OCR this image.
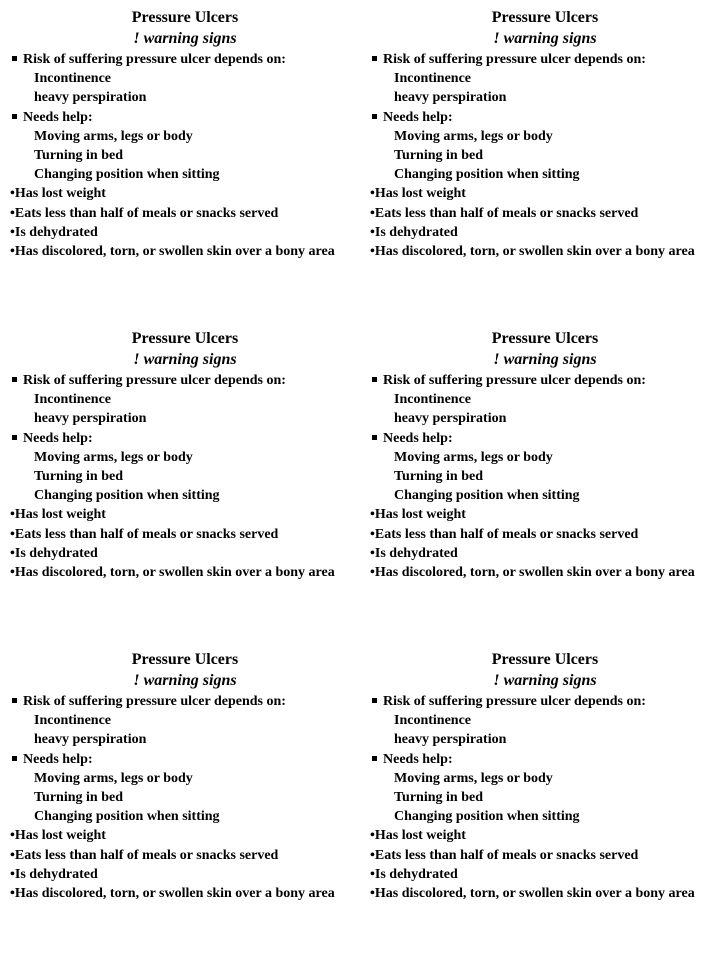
Pressure Ulcers
! warning signs
Risk of suffering pressure ulcer depends on:
Incontinence
heavy perspiration
Needs help:
Moving arms, legs or body
Turning in bed
Changing position when sitting
•Has lost weight
•Eats less than half of meals or snacks served
•Is dehydrated
•Has discolored, torn, or swollen skin over a bony area
Pressure Ulcers
! warning signs
Risk of suffering pressure ulcer depends on:
Incontinence
heavy perspiration
Needs help:
Moving arms, legs or body
Turning in bed
Changing position when sitting
•Has lost weight
•Eats less than half of meals or snacks served
•Is dehydrated
•Has discolored, torn, or swollen skin over a bony area
Pressure Ulcers
! warning signs
Risk of suffering pressure ulcer depends on:
Incontinence
heavy perspiration
Needs help:
Moving arms, legs or body
Turning in bed
Changing position when sitting
•Has lost weight
•Eats less than half of meals or snacks served
•Is dehydrated
•Has discolored, torn, or swollen skin over a bony area
Pressure Ulcers
! warning signs
Risk of suffering pressure ulcer depends on:
Incontinence
heavy perspiration
Needs help:
Moving arms, legs or body
Turning in bed
Changing position when sitting
•Has lost weight
•Eats less than half of meals or snacks served
•Is dehydrated
•Has discolored, torn, or swollen skin over a bony area
Pressure Ulcers
! warning signs
Risk of suffering pressure ulcer depends on:
Incontinence
heavy perspiration
Needs help:
Moving arms, legs or body
Turning in bed
Changing position when sitting
•Has lost weight
•Eats less than half of meals or snacks served
•Is dehydrated
•Has discolored, torn, or swollen skin over a bony area
Pressure Ulcers
! warning signs
Risk of suffering pressure ulcer depends on:
Incontinence
heavy perspiration
Needs help:
Moving arms, legs or body
Turning in bed
Changing position when sitting
•Has lost weight
•Eats less than half of meals or snacks served
•Is dehydrated
•Has discolored, torn, or swollen skin over a bony area
